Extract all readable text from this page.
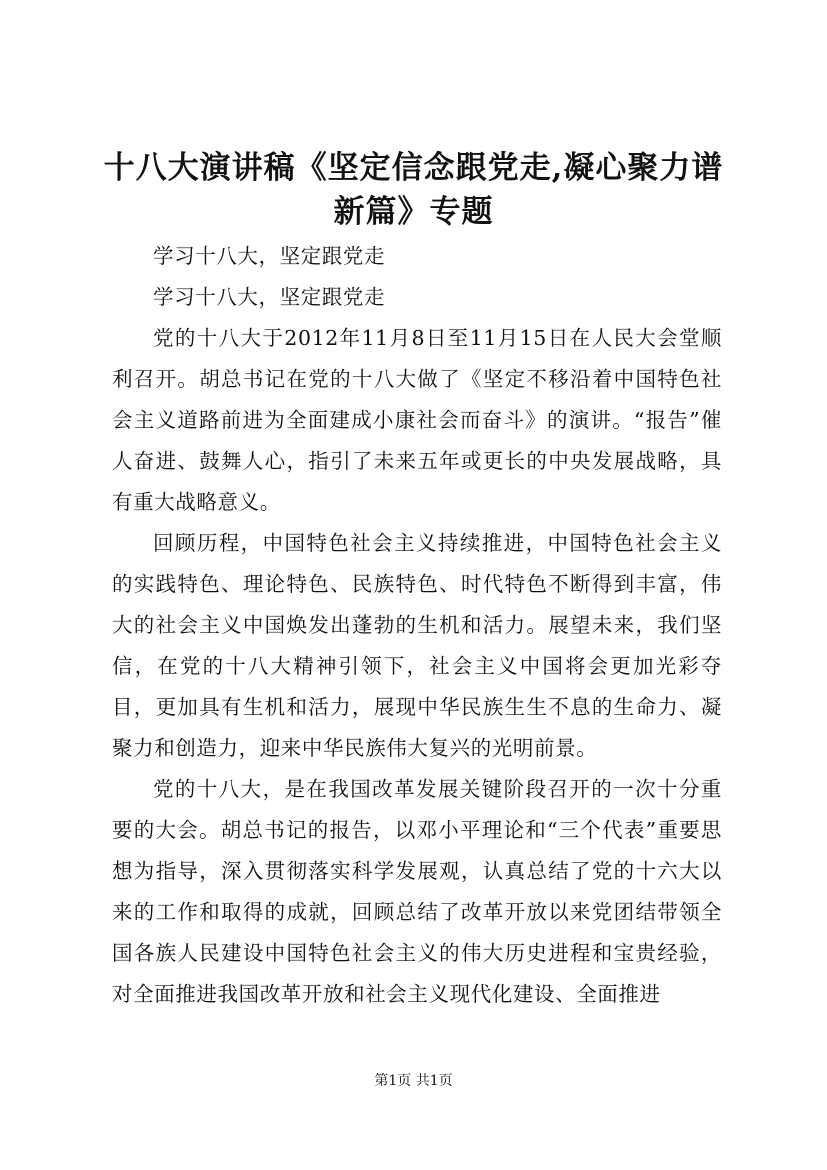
十八大演讲稿《坚定信念跟党走,凝心聚力谱
新篇》专题

学习十八大，坚定跟党走

学习十八大，坚定跟党走

党的十八大于2012年11月8日至11月15日在人民大会堂顺利召开。胡总书记在党的十八大做了《坚定不移沿着中国特色社会主义道路前进为全面建成小康社会而奋斗》的演讲。“报告”催人奋进、鼓舞人心，指引了未来五年或更长的中央发展战略，具有重大战略意义。

回顾历程，中国特色社会主义持续推进，中国特色社会主义的实践特色、理论特色、民族特色、时代特色不断得到丰富，伟大的社会主义中国焕发出蓬勃的生机和活力。展望未来，我们坚信，在党的十八大精神引领下，社会主义中国将会更加光彩夺目，更加具有生机和活力，展现中华民族生生不息的生命力、凝聚力和创造力，迎来中华民族伟大复兴的光明前景。

党的十八大，是在我国改革发展关键阶段召开的一次十分重要的大会。胡总书记的报告，以邓小平理论和“三个代表”重要思想为指导，深入贯彻落实科学发展观，认真总结了党的十六大以来的工作和取得的成就，回顾总结了改革开放以来党团结带领全国各族人民建设中国特色社会主义的伟大历史进程和宝贵经验，对全面推进我国改革开放和社会主义现代化建设、全面推进

第1页 共1页
